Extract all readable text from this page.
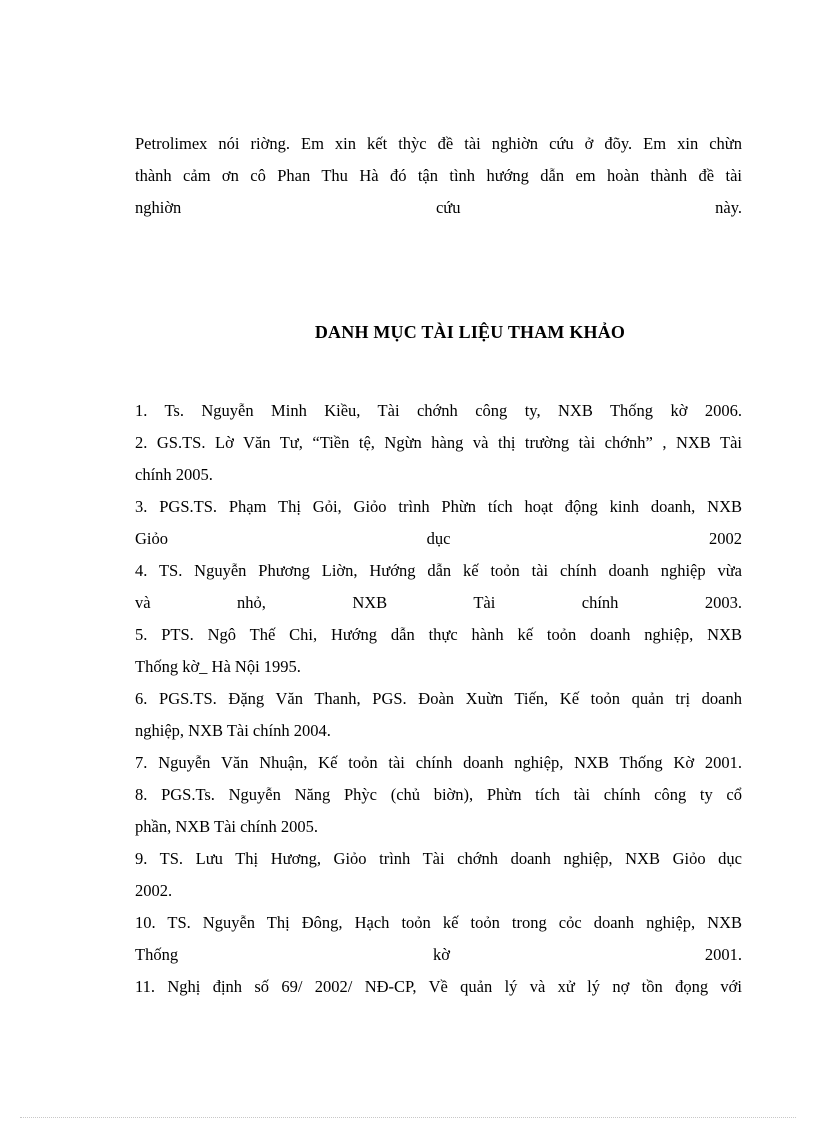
Petrolimex nói riờng. Em xin kết thỳc đề tài nghiờn cứu ở đõy. Em xin chừn
thành cảm ơn cô Phan Thu Hà đó tận tình hướng dẫn em hoàn thành đề tài
nghiờn cứu này.
DANH MỤC TÀI LIỆU THAM KHẢO
1. Ts. Nguyễn Minh Kiều, Tài chớnh công ty, NXB Thống kờ 2006.
2. GS.TS. Lờ Văn Tư, “Tiền tệ, Ngừn hàng và thị trường tài chớnh” , NXB Tài
chính 2005.
3. PGS.TS. Phạm Thị Gỏi, Giỏo trình Phừn tích hoạt động kinh doanh, NXB
Giỏo dục 2002
4. TS. Nguyễn Phương Liờn, Hướng dẫn kế toỏn tài chính doanh nghiệp vừa
và nhỏ, NXB Tài chính 2003.
5. PTS. Ngô Thế Chi, Hướng dẫn thực hành kế toỏn doanh nghiệp, NXB
Thống kờ_ Hà Nội 1995.
6. PGS.TS. Đặng Văn Thanh, PGS. Đoàn Xuừn Tiến, Kế toỏn quản trị doanh
nghiệp, NXB Tài chính 2004.
7. Nguyễn Văn Nhuận, Kế toỏn tài chính doanh nghiệp, NXB Thống Kờ 2001.
8. PGS.Ts. Nguyễn Năng Phỳc (chủ biờn), Phừn tích tài chính công ty cổ
phần, NXB Tài chính 2005.
9. TS. Lưu Thị Hương, Giỏo trình Tài chớnh doanh nghiệp, NXB Giỏo dục
2002.
10. TS. Nguyễn Thị Đông, Hạch toỏn kế toỏn trong cỏc doanh nghiệp, NXB
Thống kờ 2001.
11. Nghị định số 69/ 2002/ NĐ-CP, Về quản lý và xử lý nợ tồn đọng với
